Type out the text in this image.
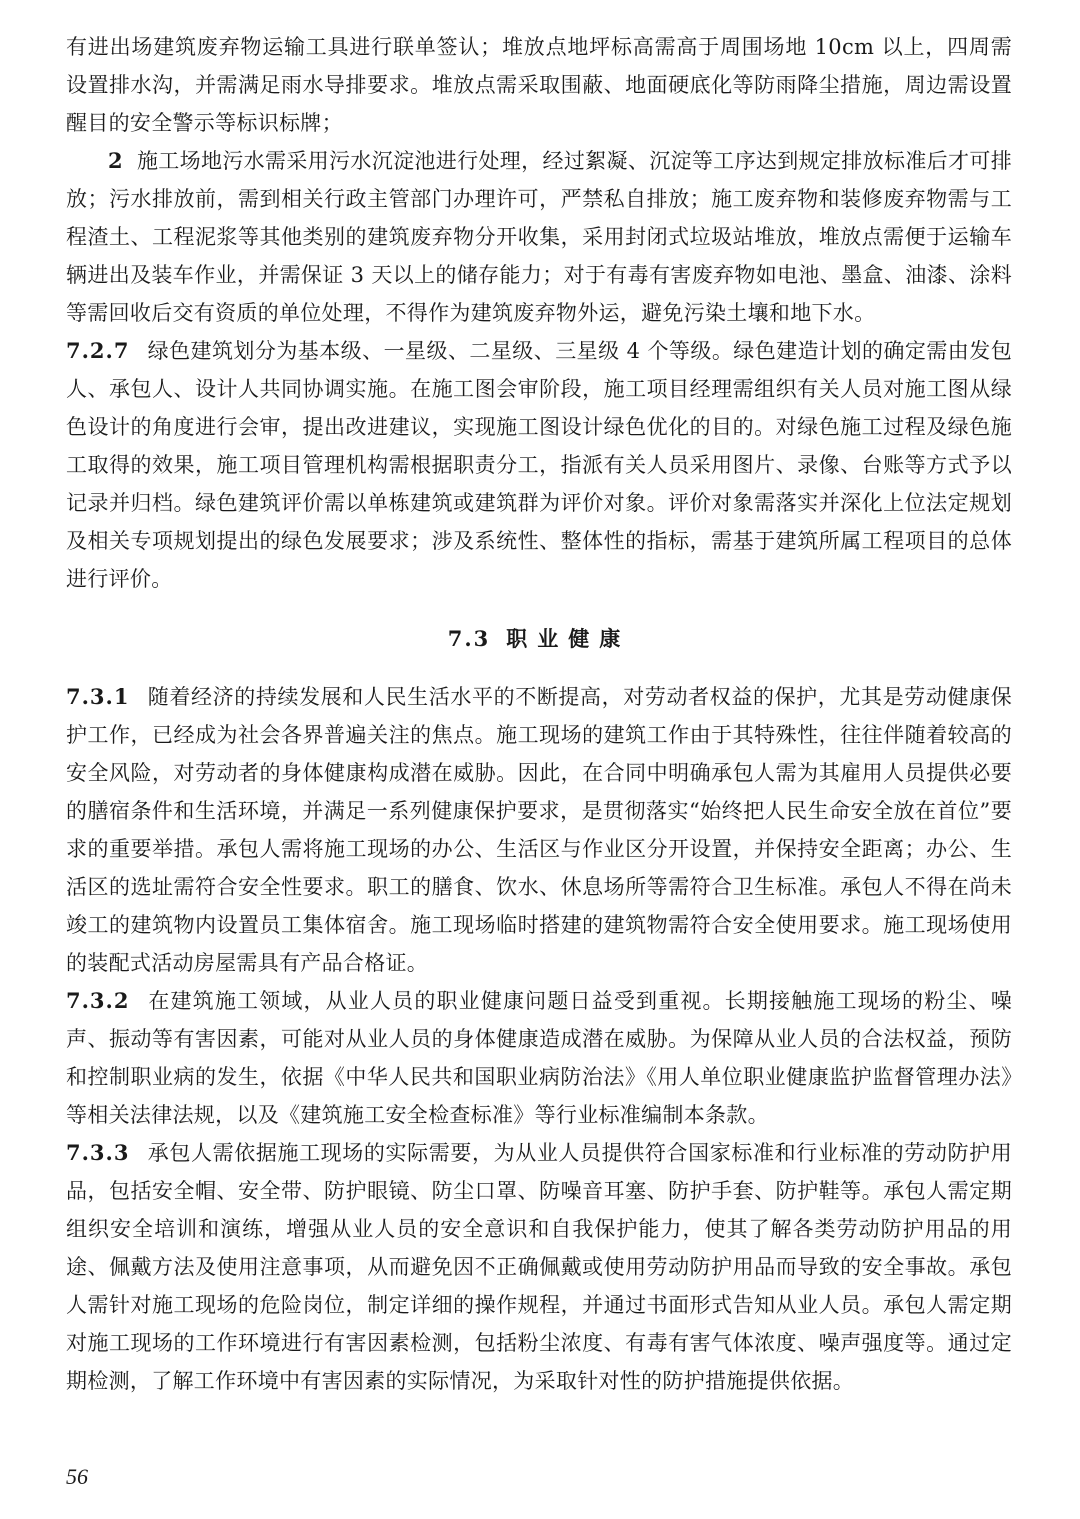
有进出场建筑废弃物运输工具进行联单签认；堆放点地坪标高需高于周围场地 10cm 以上，四周需设置排水沟，并需满足雨水导排要求。堆放点需采取围蔽、地面硬底化等防雨降尘措施，周边需设置醒目的安全警示等标识标牌；

2 施工场地污水需采用污水沉淀池进行处理，经过絮凝、沉淀等工序达到规定排放标准后才可排放；污水排放前，需到相关行政主管部门办理许可，严禁私自排放；施工废弃物和装修废弃物需与工程渣土、工程泥浆等其他类别的建筑废弃物分开收集，采用封闭式垃圾站堆放，堆放点需便于运输车辆进出及装车作业，并需保证 3 天以上的储存能力；对于有毒有害废弃物如电池、墨盒、油漆、涂料等需回收后交有资质的单位处理，不得作为建筑废弃物外运，避免污染土壤和地下水。

7.2.7 绿色建筑划分为基本级、一星级、二星级、三星级 4 个等级。绿色建造计划的确定需由发包人、承包人、设计人共同协调实施。在施工图会审阶段，施工项目经理需组织有关人员对施工图从绿色设计的角度进行会审，提出改进建议，实现施工图设计绿色优化的目的。对绿色施工过程及绿色施工取得的效果，施工项目管理机构需根据职责分工，指派有关人员采用图片、录像、台账等方式予以记录并归档。绿色建筑评价需以单栋建筑或建筑群为评价对象。评价对象需落实并深化上位法定规划及相关专项规划提出的绿色发展要求；涉及系统性、整体性的指标，需基于建筑所属工程项目的总体进行评价。

7.3 职业健康

7.3.1 随着经济的持续发展和人民生活水平的不断提高，对劳动者权益的保护，尤其是劳动健康保护工作，已经成为社会各界普遍关注的焦点。施工现场的建筑工作由于其特殊性，往往伴随着较高的安全风险，对劳动者的身体健康构成潜在威胁。因此，在合同中明确承包人需为其雇用人员提供必要的膳宿条件和生活环境，并满足一系列健康保护要求，是贯彻落实“始终把人民生命安全放在首位”要求的重要举措。承包人需将施工现场的办公、生活区与作业区分开设置，并保持安全距离；办公、生活区的选址需符合安全性要求。职工的膳食、饮水、休息场所等需符合卫生标准。承包人不得在尚未竣工的建筑物内设置员工集体宿舍。施工现场临时搭建的建筑物需符合安全使用要求。施工现场使用的装配式活动房屋需具有产品合格证。

7.3.2 在建筑施工领域，从业人员的职业健康问题日益受到重视。长期接触施工现场的粉尘、噪声、振动等有害因素，可能对从业人员的身体健康造成潜在威胁。为保障从业人员的合法权益，预防和控制职业病的发生，依据《中华人民共和国职业病防治法》《用人单位职业健康监护监督管理办法》等相关法律法规，以及《建筑施工安全检查标准》等行业标准编制本条款。

7.3.3 承包人需依据施工现场的实际需要，为从业人员提供符合国家标准和行业标准的劳动防护用品，包括安全帽、安全带、防护眼镜、防尘口罩、防噪音耳塞、防护手套、防护鞋等。承包人需定期组织安全培训和演练，增强从业人员的安全意识和自我保护能力，使其了解各类劳动防护用品的用途、佩戴方法及使用注意事项，从而避免因不正确佩戴或使用劳动防护用品而导致的安全事故。承包人需针对施工现场的危险岗位，制定详细的操作规程，并通过书面形式告知从业人员。承包人需定期对施工现场的工作环境进行有害因素检测，包括粉尘浓度、有毒有害气体浓度、噪声强度等。通过定期检测，了解工作环境中有害因素的实际情况，为采取针对性的防护措施提供依据。

56
